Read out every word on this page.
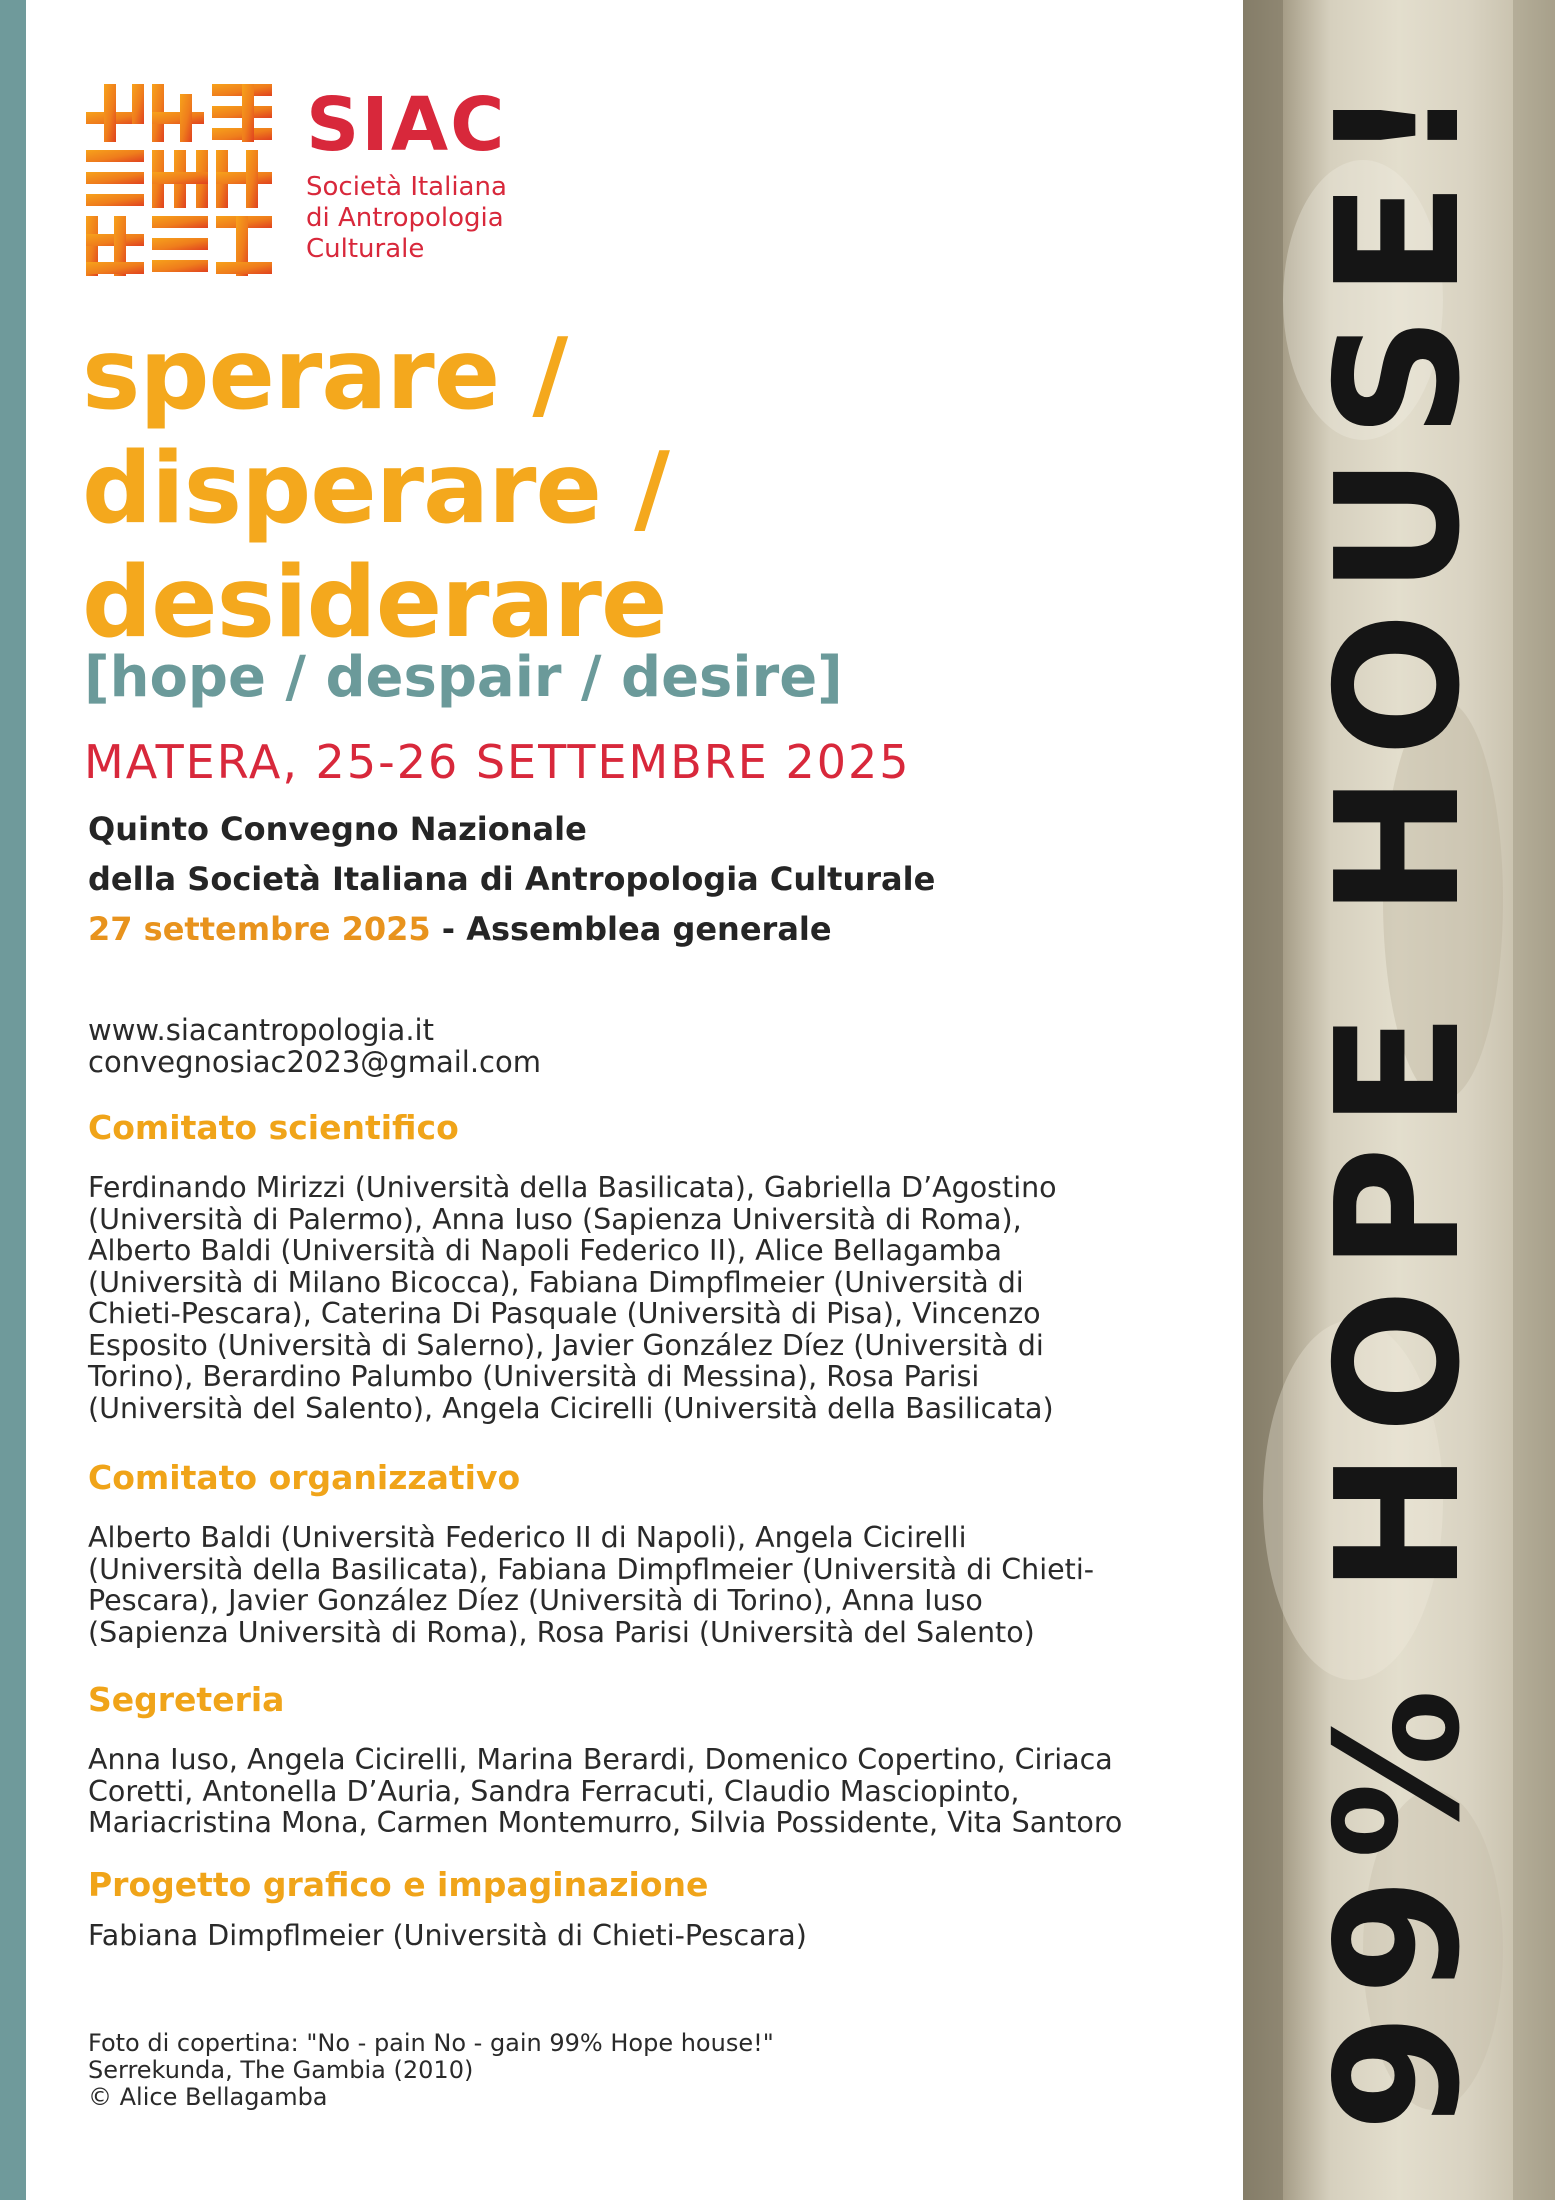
SIAC
Società Italiana
di Antropologia
Culturale
sperare /
disperare /
desiderare
[hope / despair / desire]
MATERA, 25-26 SETTEMBRE 2025
Quinto Convegno Nazionale
della Società Italiana di Antropologia Culturale
27 settembre 2025 - Assemblea generale
www.siacantropologia.it
convegnosiac2023@gmail.com
Comitato scientifico
Ferdinando Mirizzi (Università della Basilicata), Gabriella D’Agostino
(Università di Palermo), Anna Iuso (Sapienza Università di Roma),
Alberto Baldi (Università di Napoli Federico II), Alice Bellagamba
(Università di Milano Bicocca), Fabiana Dimpflmeier (Università di
Chieti-Pescara), Caterina Di Pasquale (Università di Pisa), Vincenzo
Esposito (Università di Salerno), Javier González Díez (Università di
Torino), Berardino Palumbo (Università di Messina), Rosa Parisi
(Università del Salento), Angela Cicirelli (Università della Basilicata)
Comitato organizzativo
Alberto Baldi (Università Federico II di Napoli), Angela Cicirelli
(Università della Basilicata), Fabiana Dimpflmeier (Università di Chieti-
Pescara), Javier González Díez (Università di Torino), Anna Iuso
(Sapienza Università di Roma), Rosa Parisi (Università del Salento)
Segreteria
Anna Iuso, Angela Cicirelli, Marina Berardi, Domenico Copertino, Ciriaca
Coretti, Antonella D’Auria, Sandra Ferracuti, Claudio Masciopinto,
Mariacristina Mona, Carmen Montemurro, Silvia Possidente, Vita Santoro
Progetto grafico e impaginazione
Fabiana Dimpflmeier (Università di Chieti-Pescara)
Foto di copertina: "No - pain No - gain 99% Hope house!"
Serrekunda, The Gambia (2010)
© Alice Bellagamba	99% HOPE HOUSE!
